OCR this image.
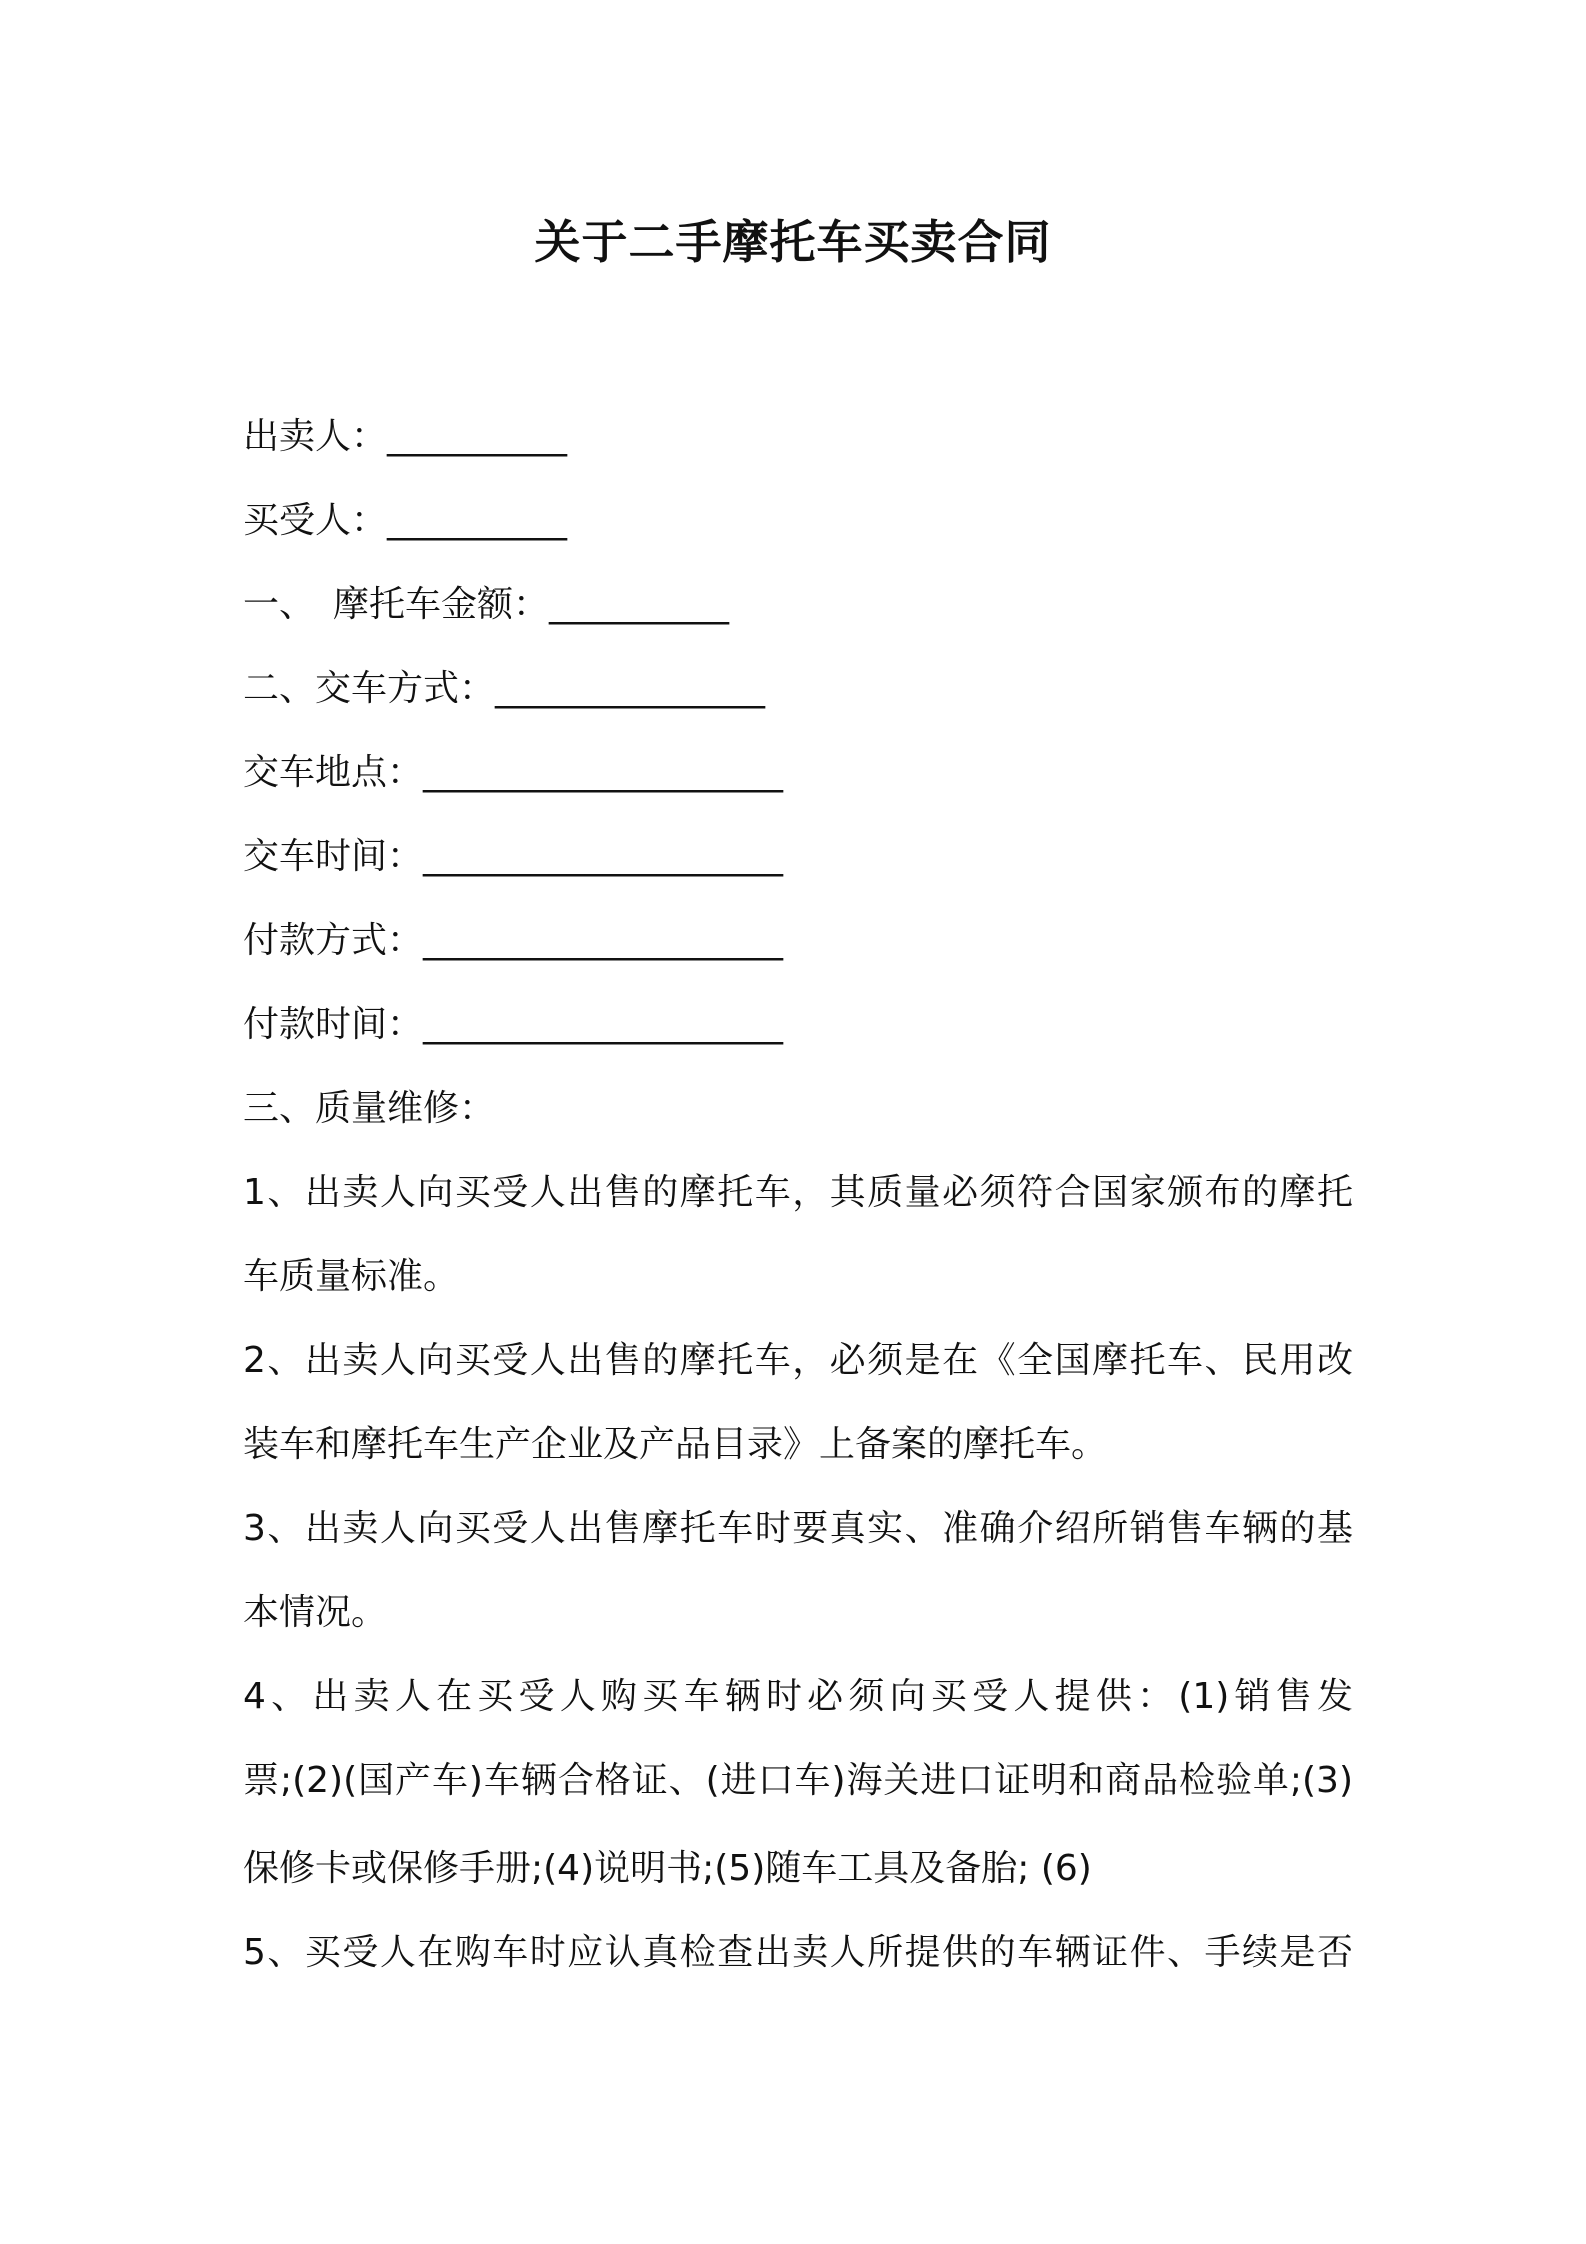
关于二手摩托车买卖合同
出卖人：__________
买受人：__________
一、　摩托车金额：__________
二、交车方式：_______________
交车地点：____________________
交车时间：____________________
付款方式：____________________
付款时间：____________________
三、质量维修：
1、出卖人向买受人出售的摩托车，其质量必须符合国家颁布的摩托
车质量标准。
2、出卖人向买受人出售的摩托车，必须是在《全国摩托车、民用改
装车和摩托车生产企业及产品目录》上备案的摩托车。
3、出卖人向买受人出售摩托车时要真实、准确介绍所销售车辆的基
本情况。
4、出卖人在买受人购买车辆时必须向买受人提供：(1)销售发
票;(2)(国产车)车辆合格证、(进口车)海关进口证明和商品检验单;(3)
保修卡或保修手册;(4)说明书;(5)随车工具及备胎; (6)
5、买受人在购车时应认真检查出卖人所提供的车辆证件、手续是否
